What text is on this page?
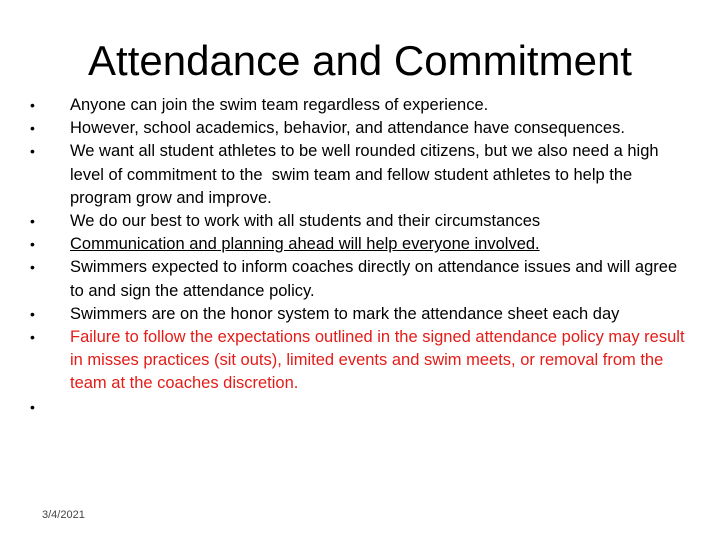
Attendance and Commitment
•	Anyone can join the swim team regardless of experience.
•	However, school academics, behavior, and attendance have consequences.
•	We want all student athletes to be well rounded citizens, but we also need a high level of commitment to the  swim team and fellow student athletes to help the program grow and improve.
•	We do our best to work with all students and their circumstances
•	Communication and planning ahead will help everyone involved.
•	Swimmers expected to inform coaches directly on attendance issues and will agree to and sign the attendance policy.
•	Swimmers are on the honor system to mark the attendance sheet each day
•	Failure to follow the expectations outlined in the signed attendance policy may result in misses practices (sit outs), limited events and swim meets, or removal from the team at the coaches discretion.
•
3/4/2021
